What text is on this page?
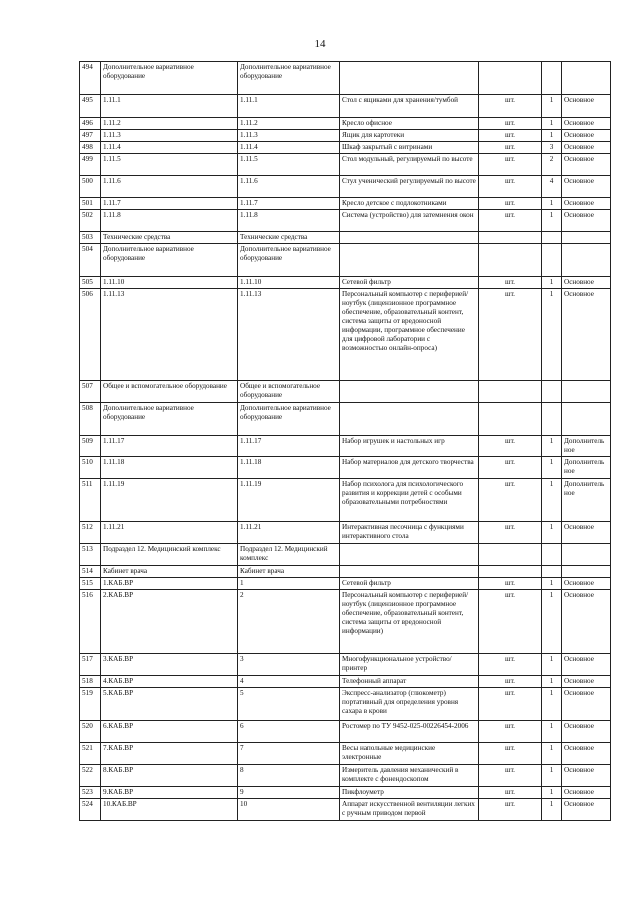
14
494	Дополнительное вариативное оборудование	Дополнительное вариативное оборудование				
495	1.11.1	1.11.1	Стол с ящиками для хранения/тумбой	шт.	1	Основное
496	1.11.2	1.11.2	Кресло офисное	шт.	1	Основное
497	1.11.3	1.11.3	Ящик для картотеки	шт.	1	Основное
498	1.11.4	1.11.4	Шкаф закрытый с витринами	шт.	3	Основное
499	1.11.5	1.11.5	Стол модульный, регулируемый по высоте	шт.	2	Основное
500	1.11.6	1.11.6	Стул ученический регулируемый по высоте	шт.	4	Основное
501	1.11.7	1.11.7	Кресло детское с подлокотниками	шт.	1	Основное
502	1.11.8	1.11.8	Система (устройство) для затемнения окон	шт.	1	Основное
503	Технические средства	Технические средства				
504	Дополнительное вариативное оборудование	Дополнительное вариативное оборудование				
505	1.11.10	1.11.10	Сетевой фильтр	шт.	1	Основное
506	1.11.13	1.11.13	Персональный компьютер с периферией/ноутбук (лицензионное программное обеспечение, образовательный контент, система защиты от вредоносной информации, программное обеспечение для цифровой лаборатории с возможностью онлайн-опроса)	шт.	1	Основное
507	Общее и вспомогательное оборудование	Общее и вспомогательное оборудование				
508	Дополнительное вариативное оборудование	Дополнительное вариативное оборудование				
509	1.11.17	1.11.17	Набор игрушек и настольных игр	шт.	1	Дополнительное
510	1.11.18	1.11.18	Набор материалов для детского творчества	шт.	1	Дополнительное
511	1.11.19	1.11.19	Набор психолога для психологического развития и коррекции детей с особыми образовательными потребностями	шт.	1	Дополнительное
512	1.11.21	1.11.21	Интерактивная песочница с функциями интерактивного стола	шт.	1	Основное
513	Подраздел 12. Медицинский комплекс	Подраздел 12. Медицинский комплекс				
514	Кабинет врача	Кабинет врача				
515	1.КАБ.ВР	1	Сетевой фильтр	шт.	1	Основное
516	2.КАБ.ВР	2	Персональный компьютер с периферией/ноутбук (лицензионное программное обеспечение, образовательный контент, система защиты от вредоносной информации)	шт.	1	Основное
517	3.КАБ.ВР	3	Многофункциональное устройство/принтер	шт.	1	Основное
518	4.КАБ.ВР	4	Телефонный аппарат	шт.	1	Основное
519	5.КАБ.ВР	5	Экспресс-анализатор (глюкометр) портативный для определения уровня сахара в крови	шт.	1	Основное
520	6.КАБ.ВР	6	Ростомер по ТУ 9452-025-00226454-2006	шт.	1	Основное
521	7.КАБ.ВР	7	Весы напольные медицинские электронные	шт.	1	Основное
522	8.КАБ.ВР	8	Измеритель давления механический в комплекте с фонендоскопом	шт.	1	Основное
523	9.КАБ.ВР	9	Пикфлоуметр	шт.	1	Основное
524	10.КАБ.ВР	10	Аппарат искусственной вентиляции легких с ручным приводом первой	шт.	1	Основное
